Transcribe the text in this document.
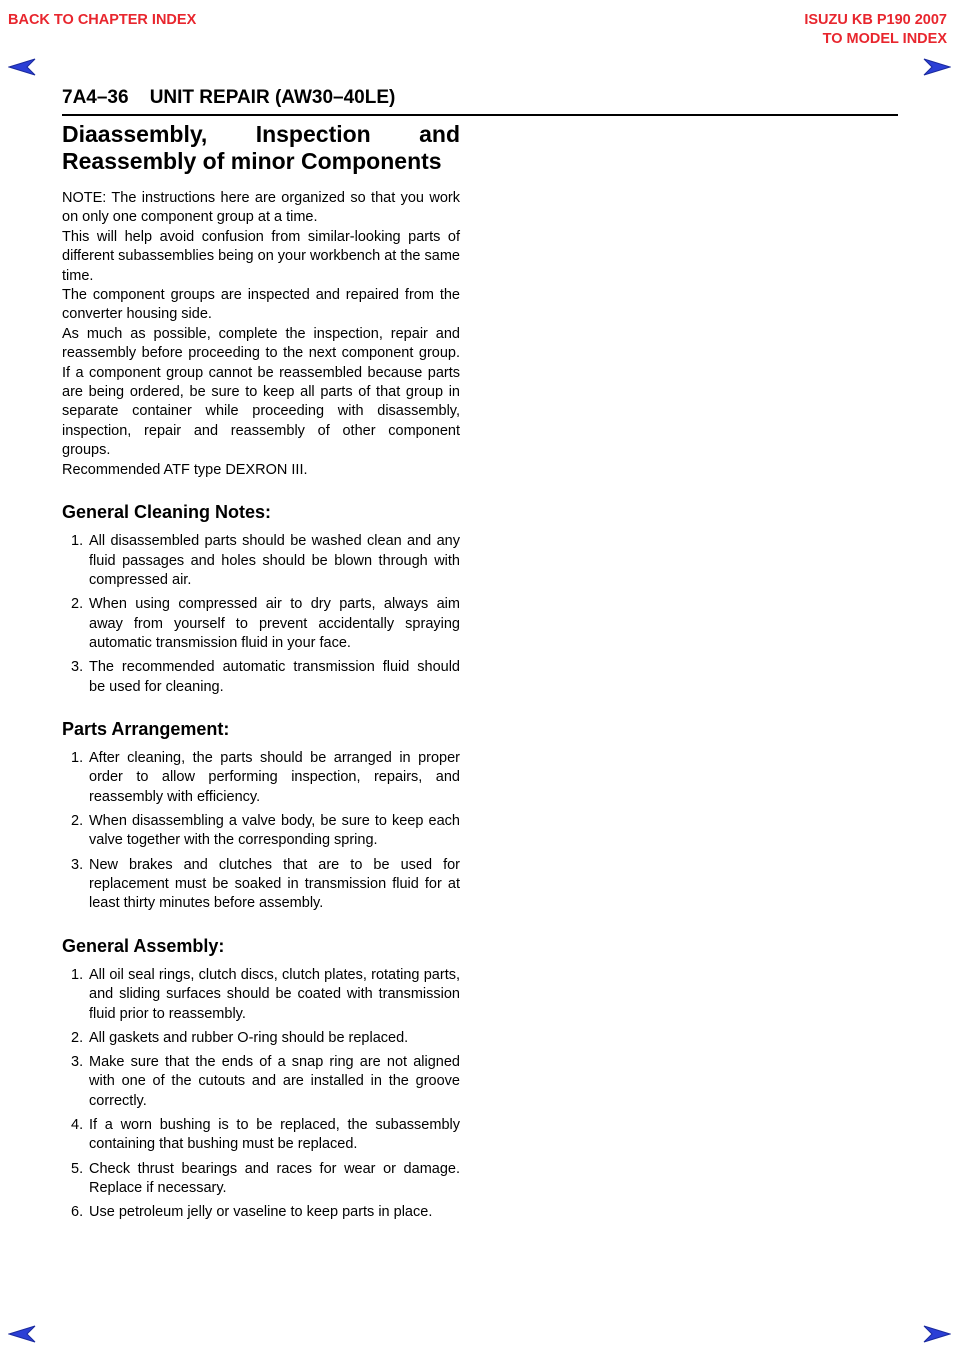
BACK TO CHAPTER INDEX	ISUZU KB P190 2007
TO MODEL INDEX
7A4–36 UNIT REPAIR (AW30–40LE)
Diaassembly, Inspection and
Reassembly of minor Components

NOTE: The instructions here are organized so that you work on only one component group at a time.

This will help avoid confusion from similar-looking parts of different subassemblies being on your workbench at the same time.

The component groups are inspected and repaired from the converter housing side.

As much as possible, complete the inspection, repair and reassembly before proceeding to the next component group. If a component group cannot be reassembled because parts are being ordered, be sure to keep all parts of that group in separate container while proceeding with disassembly, inspection, repair and reassembly of other component groups.

Recommended ATF type DEXRON III.

General Cleaning Notes:
1. All disassembled parts should be washed clean and any fluid passages and holes should be blown through with compressed air.
2. When using compressed air to dry parts, always aim away from yourself to prevent accidentally spraying automatic transmission fluid in your face.
3. The recommended automatic transmission fluid should be used for cleaning.
Parts Arrangement:
1. After cleaning, the parts should be arranged in proper order to allow performing inspection, repairs, and reassembly with efficiency.
2. When disassembling a valve body, be sure to keep each valve together with the corresponding spring.
3. New brakes and clutches that are to be used for replacement must be soaked in transmission fluid for at least thirty minutes before assembly.
General Assembly:
1. All oil seal rings, clutch discs, clutch plates, rotating parts, and sliding surfaces should be coated with transmission fluid prior to reassembly.
2. All gaskets and rubber O-ring should be replaced.
3. Make sure that the ends of a snap ring are not aligned with one of the cutouts and are installed in the groove correctly.
4. If a worn bushing is to be replaced, the subassembly containing that bushing must be replaced.
5. Check thrust bearings and races for wear or damage. Replace if necessary.
6. Use petroleum jelly or vaseline to keep parts in place.
